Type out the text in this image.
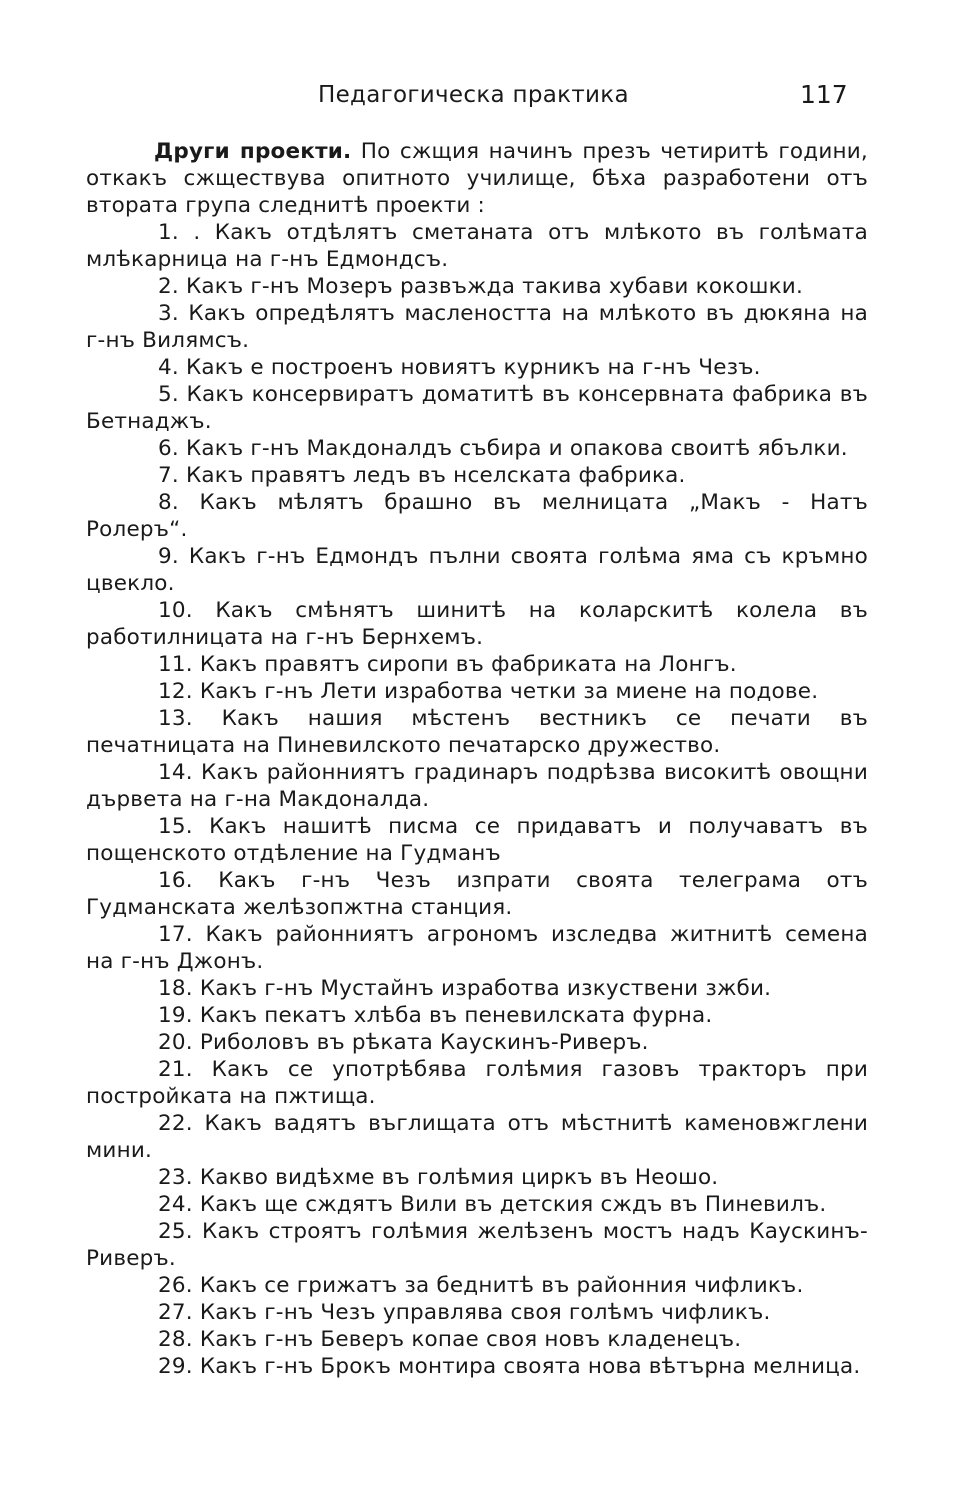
Педагогическа практика	117

Други проекти. По сжщия начинъ презъ четиритѣ години, откакъ сжществува опитното училище, бѣха разработени отъ втората група следнитѣ проекти :

1. . Какъ отдѣлятъ сметаната отъ млѣкото въ голѣмата млѣкарница на г-нъ Едмондсъ.
2. Какъ г-нъ Мозеръ развъжда такива хубави кокошки.
3. Какъ опредѣлятъ маслеността на млѣкото въ дюкяна на г-нъ Вилямсъ.
4. Какъ е построенъ новиятъ курникъ на г-нъ Чезъ.
5. Какъ консервиратъ доматитѣ въ консервната фабрика въ Бетнаджъ.
6. Какъ г-нъ Макдоналдъ събира и опакова своитѣ ябълки.
7. Какъ правятъ ледъ въ нселската фабрика.
8. Какъ мѣлятъ брашно въ мелницата „Макъ - Натъ Ролеръ“.
9. Какъ г-нъ Едмондъ пълни своята голѣма яма съ кръмно цвекло.
10. Какъ смѣнятъ шинитѣ на коларскитѣ колела въ работилницата на г-нъ Бернхемъ.
11. Какъ правятъ сиропи въ фабриката на Лонгъ.
12. Какъ г-нъ Лети изработва четки за миене на подове.
13. Какъ нашия мѣстенъ вестникъ се печати въ печатницата на Пиневилското печатарско дружество.
14. Какъ районниятъ градинаръ подрѣзва високитѣ овощни дървета на г-на Макдоналда.
15. Какъ нашитѣ писма се придаватъ и получаватъ въ пощенското отдѣление на Гудманъ
16. Какъ г-нъ Чезъ изпрати своята телеграма отъ Гудманската желѣзопжтна станция.
17. Какъ районниятъ агрономъ изследва житнитѣ семена на г-нъ Джонъ.
18. Какъ г-нъ Мустайнъ изработва изкуствени зжби.
19. Какъ пекатъ хлѣба въ пеневилската фурна.
20. Риболовъ въ рѣката Каускинъ-Риверъ.
21. Какъ се употрѣбява голѣмия газовъ тракторъ при постройката на пжтища.
22. Какъ вадятъ въглищата отъ мѣстнитѣ каменовжглени мини.
23. Какво видѣхме въ голѣмия циркъ въ Неошо.
24. Какъ ще сждятъ Вили въ детския сждъ въ Пиневилъ.
25. Какъ строятъ голѣмия желѣзенъ мостъ надъ Каускинъ-Риверъ.
26. Какъ се грижатъ за беднитѣ въ районния чифликъ.
27. Какъ г-нъ Чезъ управлява своя голѣмъ чифликъ.
28. Какъ г-нъ Беверъ копае своя новъ кладенецъ.
29. Какъ г-нъ Брокъ монтира своята нова вѣтърна мелница.
